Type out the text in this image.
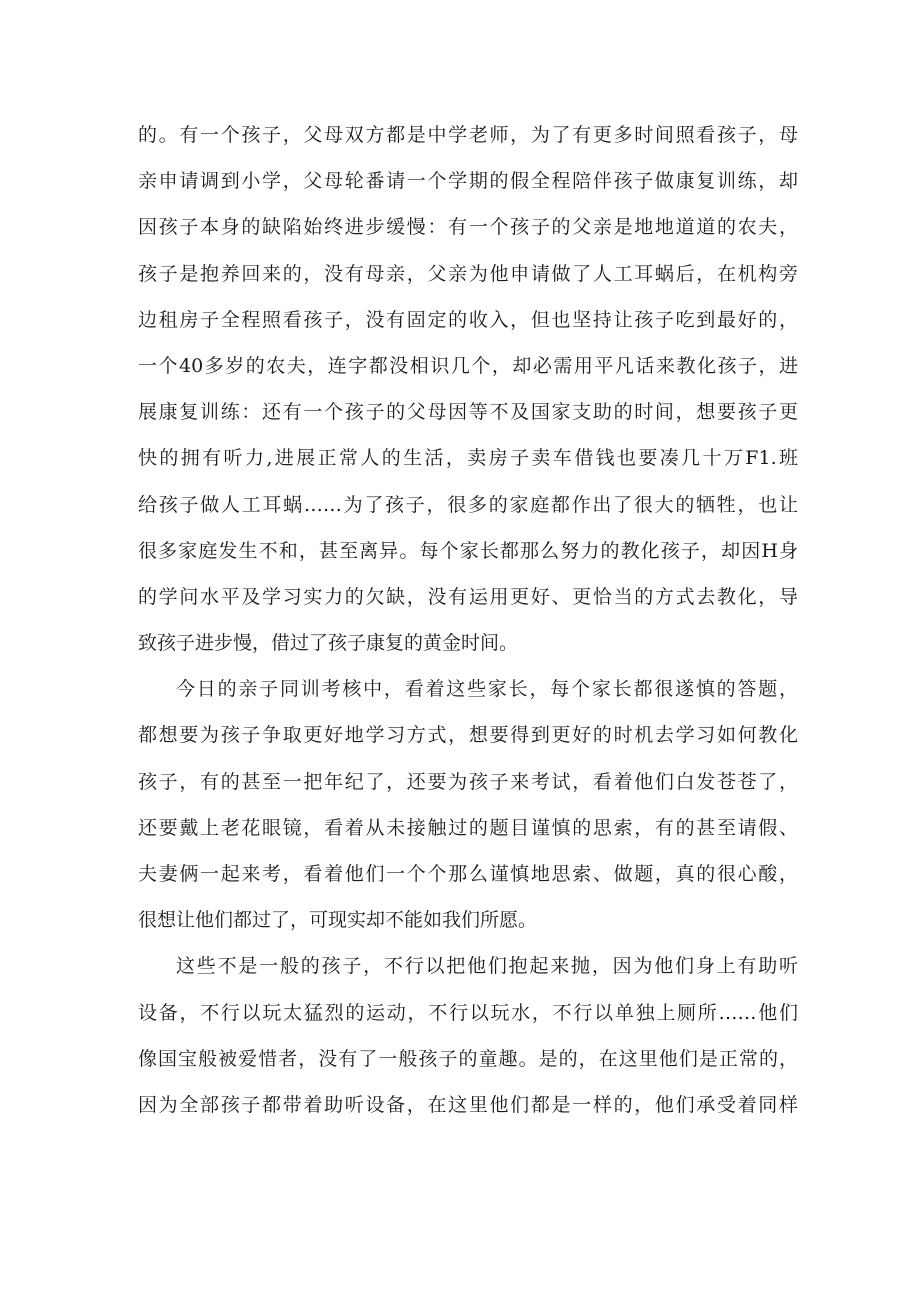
的。有一个孩子，父母双方都是中学老师，为了有更多时间照看孩子，母
亲申请调到小学，父母轮番请一个学期的假全程陪伴孩子做康复训练，却
因孩子本身的缺陷始终进步缓慢：有一个孩子的父亲是地地道道的农夫，
孩子是抱养回来的，没有母亲，父亲为他申请做了人工耳蜗后，在机构旁
边租房子全程照看孩子，没有固定的收入，但也坚持让孩子吃到最好的，
一个40多岁的农夫，连字都没相识几个，却必需用平凡话来教化孩子，进
展康复训练：还有一个孩子的父母因等不及国家支助的时间，想要孩子更
快的拥有听力,进展正常人的生活，卖房子卖车借钱也要凑几十万F1.班
给孩子做人工耳蜗……为了孩子，很多的家庭都作出了很大的牺牲，也让
很多家庭发生不和，甚至离异。每个家长都那么努力的教化孩子，却因H身
的学问水平及学习实力的欠缺，没有运用更好、更恰当的方式去教化，导
致孩子进步慢，借过了孩子康复的黄金时间。
今日的亲子同训考核中，看着这些家长，每个家长都很遂慎的答题，
都想要为孩子争取更好地学习方式，想要得到更好的时机去学习如何教化
孩子，有的甚至一把年纪了，还要为孩子来考试，看着他们白发苍苍了，
还要戴上老花眼镜，看着从未接触过的题目谨慎的思索，有的甚至请假、
夫妻俩一起来考，看着他们一个个那么谨慎地思索、做题，真的很心酸，
很想让他们都过了，可现实却不能如我们所愿。
这些不是一般的孩子，不行以把他们抱起来抛，因为他们身上有助听
设备，不行以玩太猛烈的运动，不行以玩水，不行以单独上厕所……他们
像国宝般被爱惜者，没有了一般孩子的童趣。是的，在这里他们是正常的，
因为全部孩子都带着助听设备，在这里他们都是一样的，他们承受着同样
